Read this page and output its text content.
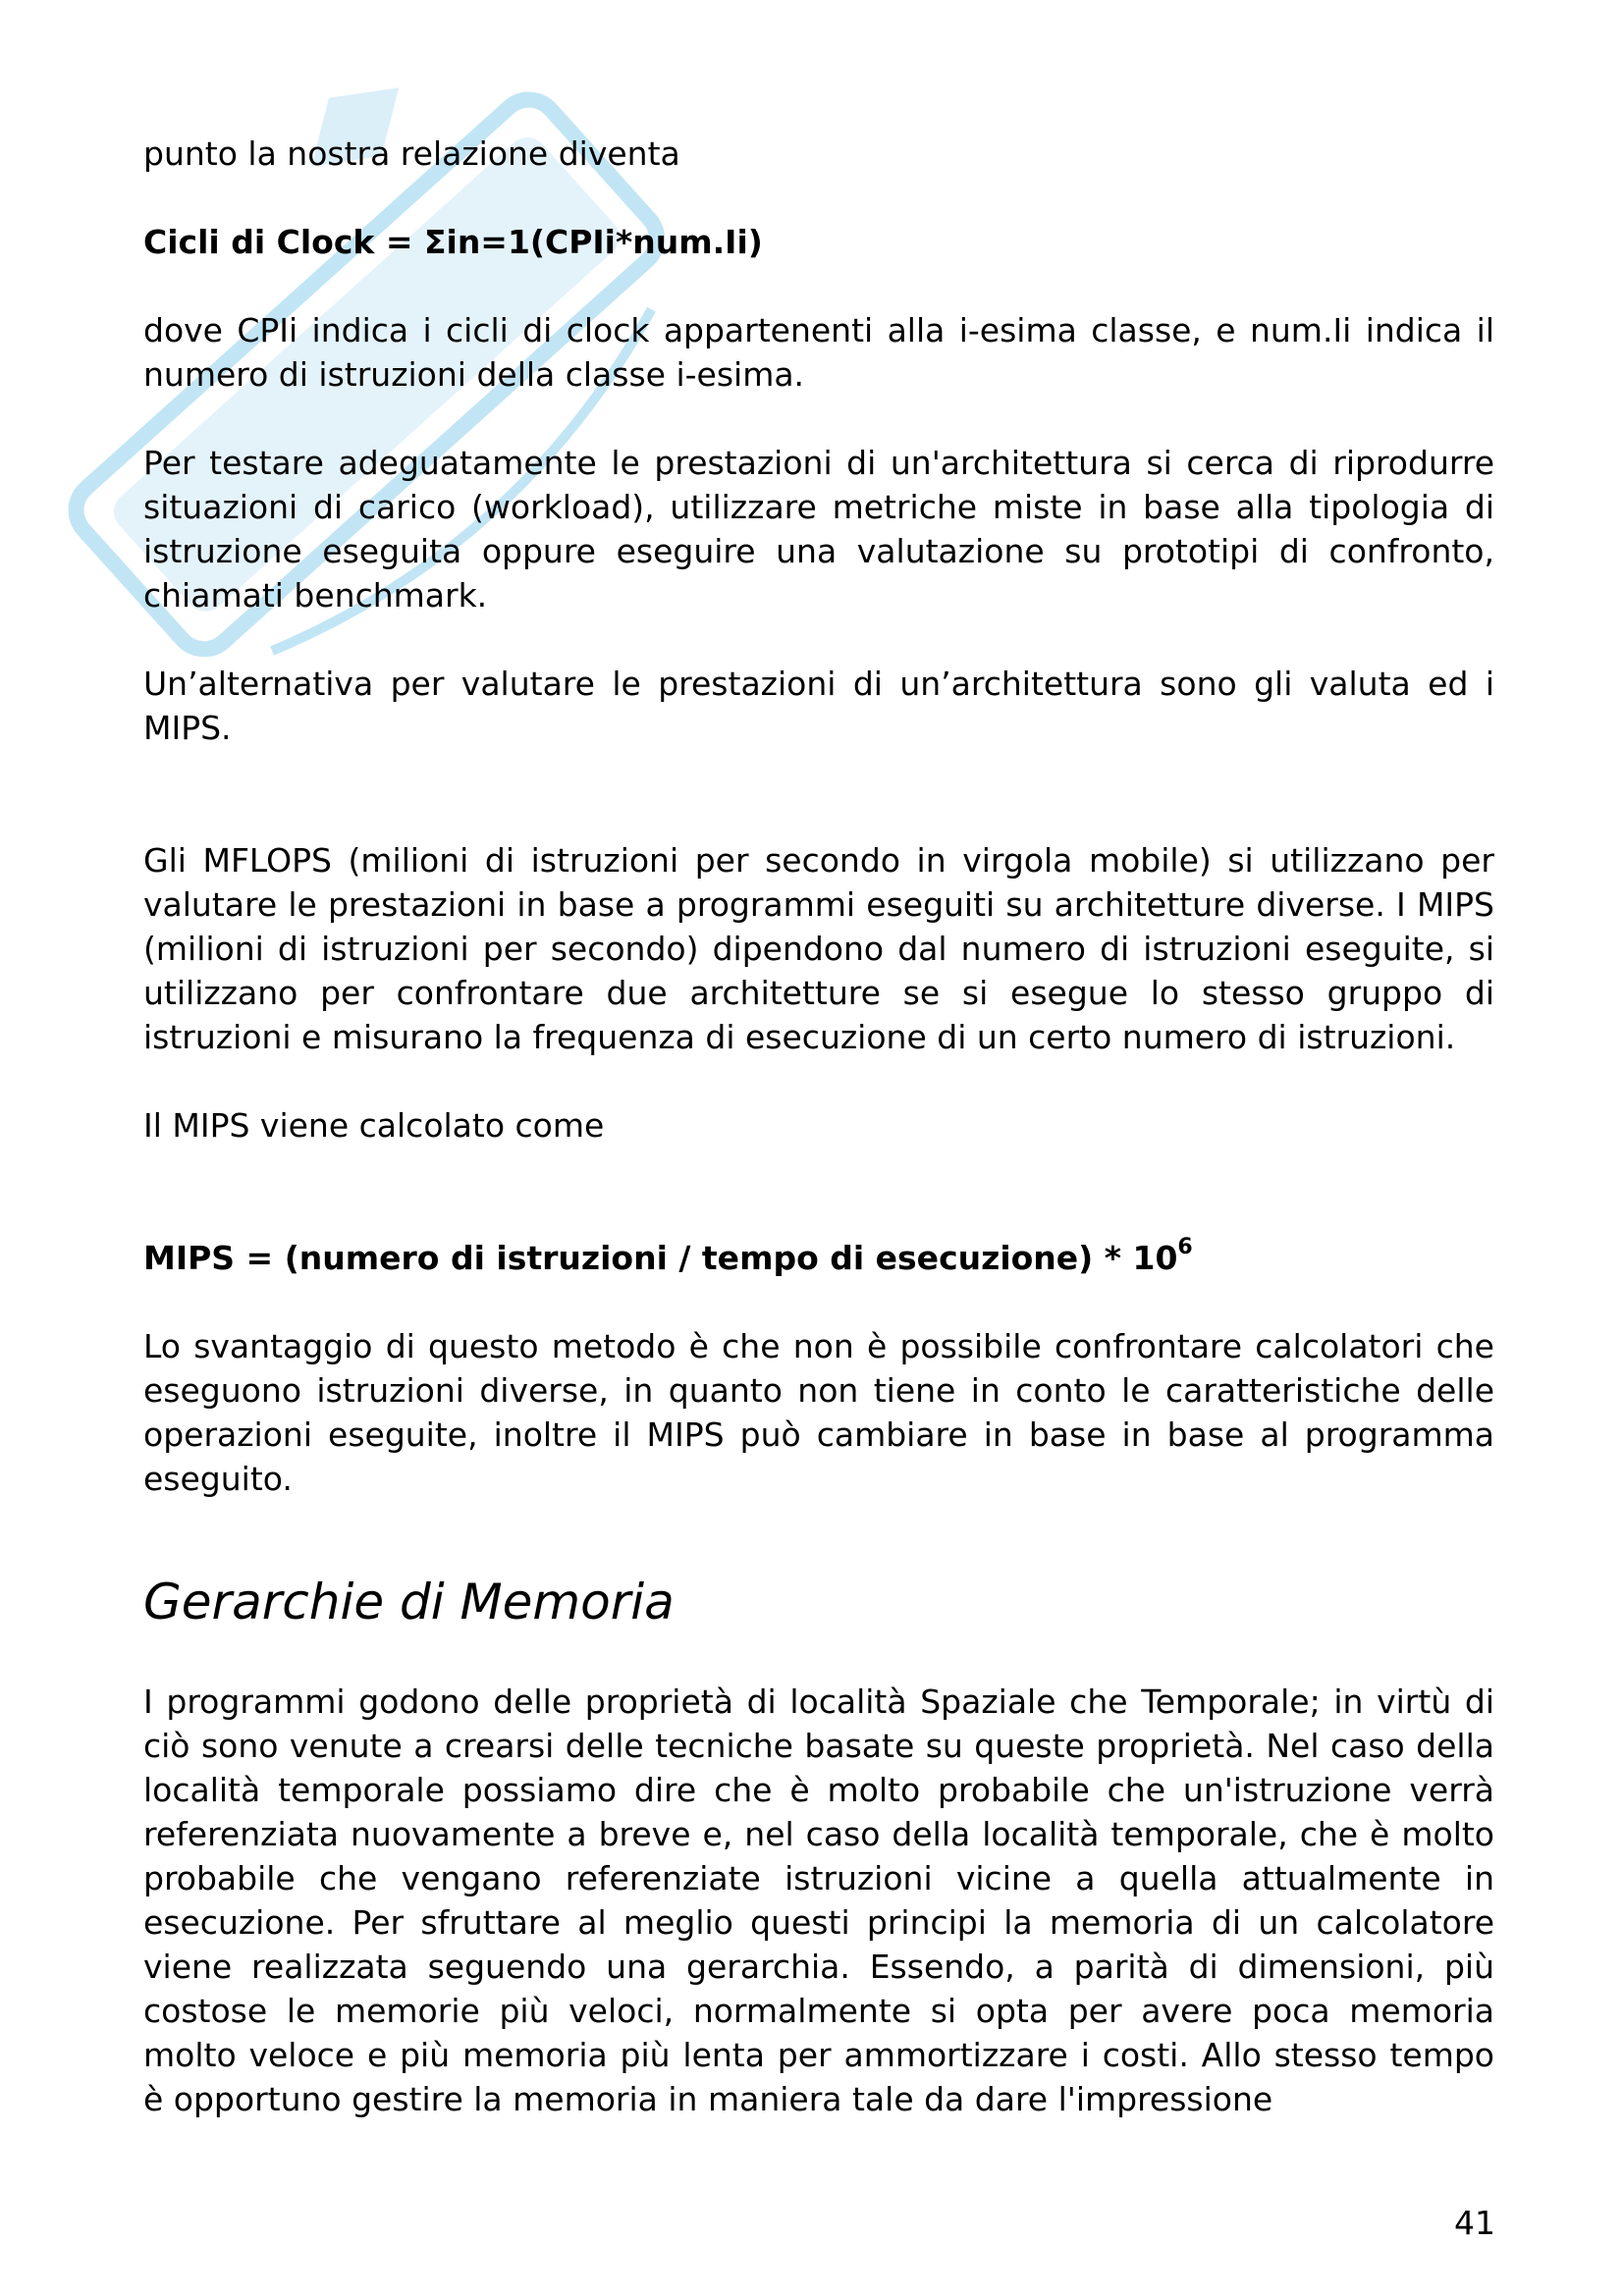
punto la nostra relazione diventa

Cicli di Clock = Σin=1(CPIi*num.Ii)

dove CPIi indica i cicli di clock appartenenti alla i-esima classe, e num.Ii indica il numero di istruzioni della classe i-esima.

Per testare adeguatamente le prestazioni di un'architettura si cerca di riprodurre situazioni di carico (workload), utilizzare metriche miste in base alla tipologia di istruzione eseguita oppure eseguire una valutazione su prototipi di confronto, chiamati benchmark.

Un’alternativa per valutare le prestazioni di un’architettura sono gli valuta ed i MIPS.

Gli MFLOPS (milioni di istruzioni per secondo in virgola mobile) si utilizzano per valutare le prestazioni in base a programmi eseguiti su architetture diverse. I MIPS (milioni di istruzioni per secondo) dipendono dal numero di istruzioni eseguite, si utilizzano per confrontare due architetture se si esegue lo stesso gruppo di istruzioni e misurano la frequenza di esecuzione di un certo numero di istruzioni.

Il MIPS viene calcolato come

MIPS = (numero di istruzioni / tempo di esecuzione) * $10^6$

Lo svantaggio di questo metodo è che non è possibile confrontare calcolatori che eseguono istruzioni diverse, in quanto non tiene in conto le caratteristiche delle operazioni eseguite, inoltre il MIPS può cambiare in base in base al programma eseguito.

Gerarchie di Memoria

I programmi godono delle proprietà di località Spaziale che Temporale; in virtù di ciò sono venute a crearsi delle tecniche basate su queste proprietà. Nel caso della località temporale possiamo dire che è molto probabile che un'istruzione verrà referenziata nuovamente a breve e, nel caso della località temporale, che è molto probabile che vengano referenziate istruzioni vicine a quella attualmente in esecuzione. Per sfruttare al meglio questi principi la memoria di un calcolatore viene realizzata seguendo una gerarchia. Essendo, a parità di dimensioni, più costose le memorie più veloci, normalmente si opta per avere poca memoria molto veloce e più memoria più lenta per ammortizzare i costi. Allo stesso tempo è opportuno gestire la memoria in maniera tale da dare l'impressione

41
